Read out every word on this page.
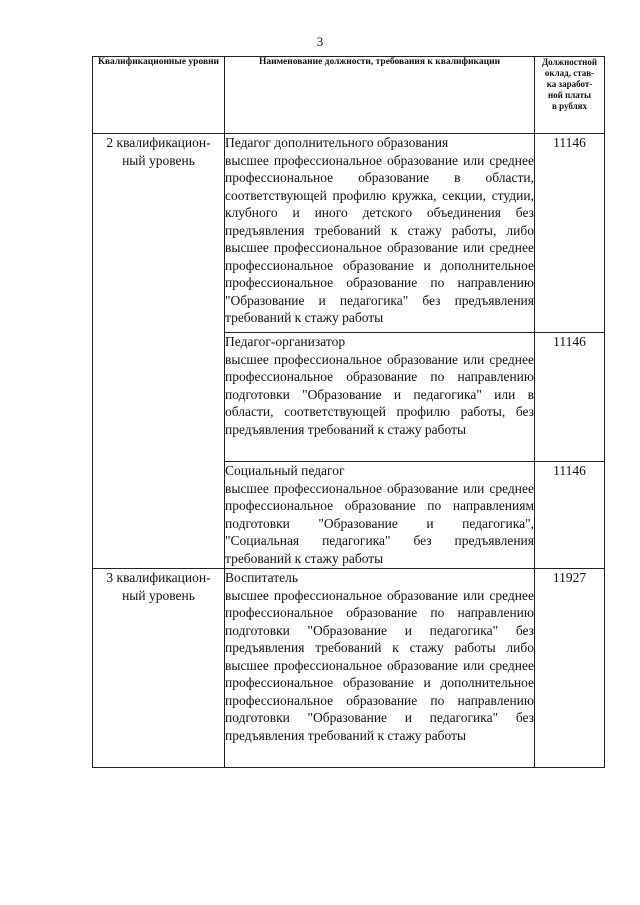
3
Квалификационные уровни	Наименование должности, требования к квалификации	Должностной
оклад, став-
ка заработ-
ной платы
в рублях
2 квалификацион-
ный уровень	Педагог дополнительного образования
высшее профессиональное образование или среднее профессиональное образование в области, соответствующей профилю кружка, секции, студии, клубного и иного детского объединения без предъявления требований к стажу работы, либо высшее профессиональное образование или среднее профессиональное образование и дополнительное профессиональное образование по направлению "Образование и педагогика" без предъявления требований к стажу работы	11146

	Педагог-организатор
высшее профессиональное образование или среднее профессиональное образование по направлению подготовки "Образование и педагогика" или в области, соответствующей профилю работы, без предъявления требований к стажу работы	11146

	Социальный педагог
высшее профессиональное образование или среднее профессиональное образование по направлениям подготовки "Образование и педагогика", "Социальная педагогика" без предъявления требований к стажу работы	11146
3 квалификацион-
ный уровень	Воспитатель
высшее профессиональное образование или среднее профессиональное образование по направлению подготовки "Образование и педагогика" без предъявления требований к стажу работы либо высшее профессиональное образование или среднее профессиональное образование и дополнительное профессиональное образование по направлению подготовки "Образование и педагогика" без предъявления требований к стажу работы	11927
